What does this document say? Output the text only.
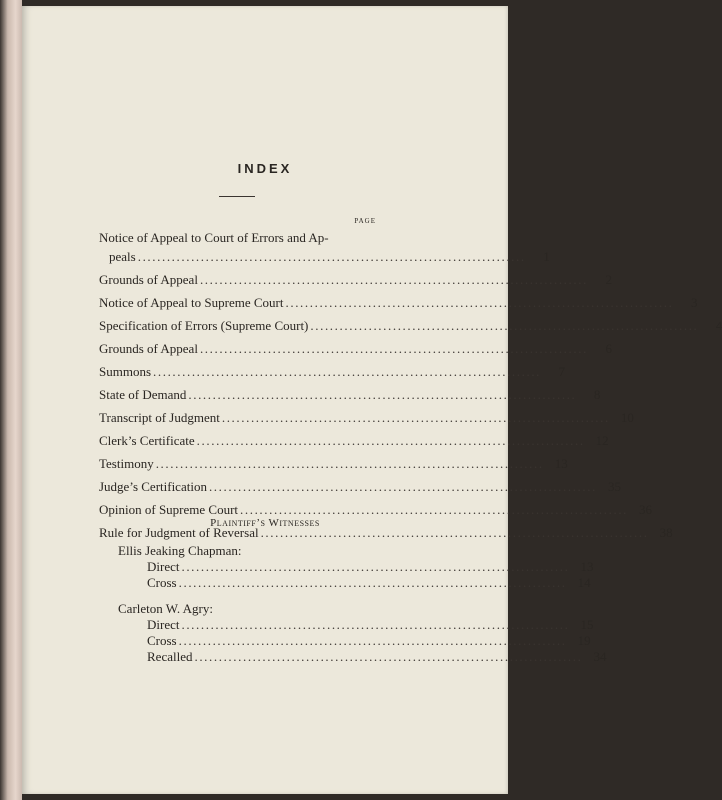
INDEX
PAGE
Notice of Appeal to Court of Errors and Ap-
peals ................................................................................	1
Grounds of Appeal ................................................................................	2
Notice of Appeal to Supreme Court ................................................................................	3
Specification of Errors (Supreme Court) ................................................................................	4
Grounds of Appeal ................................................................................	6
Summons ................................................................................	7
State of Demand ................................................................................	8
Transcript of Judgment ................................................................................ 10
Clerk’s Certificate ................................................................................ 12
Testimony ................................................................................ 13
Judge’s Certification ................................................................................ 35
Opinion of Supreme Court ................................................................................ 36
Rule for Judgment of Reversal ................................................................................ 38
Plaintiff’s Witnesses
Ellis Jeaking Chapman:
Direct ................................................................................ 13
Cross ................................................................................ 14
Carleton W. Agry:
Direct ................................................................................ 15
Cross ................................................................................ 19
Recalled ................................................................................ 34
